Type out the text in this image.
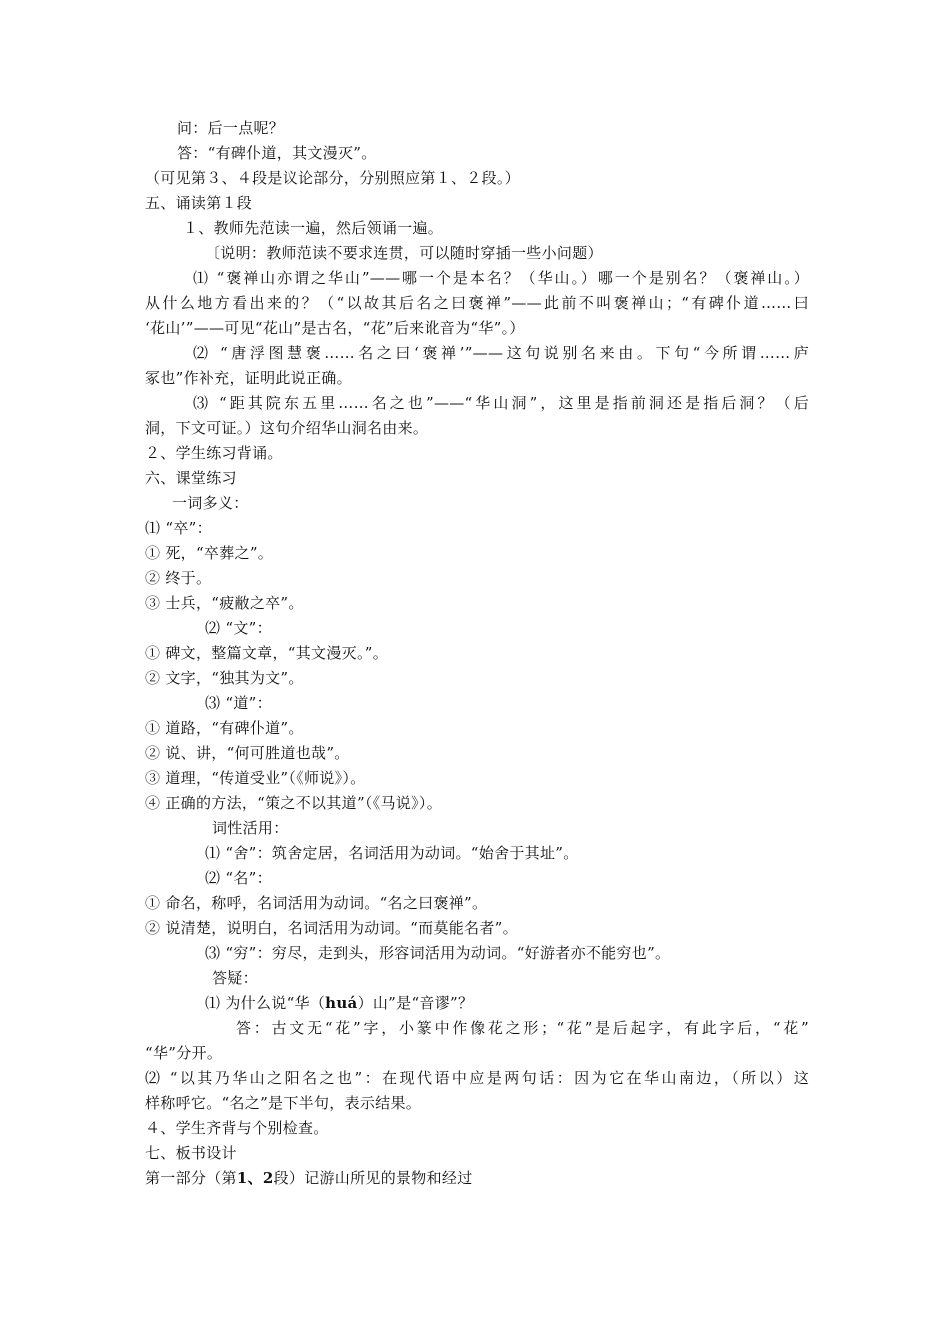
问：后一点呢？
答：“有碑仆道，其文漫灭”。
（可见第３、４段是议论部分，分别照应第１、２段。）
五、诵读第１段
１、教师先范读一遍，然后领诵一遍。
〔说明：教师范读不要求连贯，可以随时穿插一些小问题）
⑴ “褒禅山亦谓之华山”——哪一个是本名？（华山。）哪一个是别名？（褒禅山。）
从什么地方看出来的？（“以故其后名之曰褒禅”——此前不叫褒禅山；“有碑仆道……曰
‘花山’”——可见“花山”是古名，“花”后来讹音为“华”。）
⑵ “唐浮图慧褒……名之曰‘褒禅’”——这句说别名来由。下句“今所谓……庐
冢也”作补充，证明此说正确。
⑶ “距其院东五里……名之也”——“华山洞”，这里是指前洞还是指后洞？（后
洞，下文可证。）这句介绍华山洞名由来。
２、学生练习背诵。
六、课堂练习
一词多义：
⑴ “卒”：
① 死，“卒葬之”。
② 终于。
③ 士兵，“疲敝之卒”。
⑵ “文”：
① 碑文，整篇文章，“其文漫灭。”。
② 文字，“独其为文”。
⑶ “道”：
① 道路，“有碑仆道”。
② 说、讲，“何可胜道也哉”。
③ 道理，“传道受业”（《师说》）。
④ 正确的方法，“策之不以其道”（《马说》）。
词性活用：
⑴ “舍”：筑舍定居，名词活用为动词。“始舍于其址”。
⑵ “名”：
① 命名，称呼，名词活用为动词。“名之曰褒禅”。
② 说清楚，说明白，名词活用为动词。“而莫能名者”。
⑶ “穷”：穷尽，走到头，形容词活用为动词。“好游者亦不能穷也”。
答疑：
⑴ 为什么说“华（huá）山”是“音谬”？
答：古文无“花”字，小篆中作像花之形；“花”是后起字，有此字后，“花”
“华”分开。
⑵ “以其乃华山之阳名之也”：在现代语中应是两句话：因为它在华山南边，（所以）这
样称呼它。“名之”是下半句，表示结果。
４、学生齐背与个别检查。
七、板书设计
第一部分（第1、2段）记游山所见的景物和经过
